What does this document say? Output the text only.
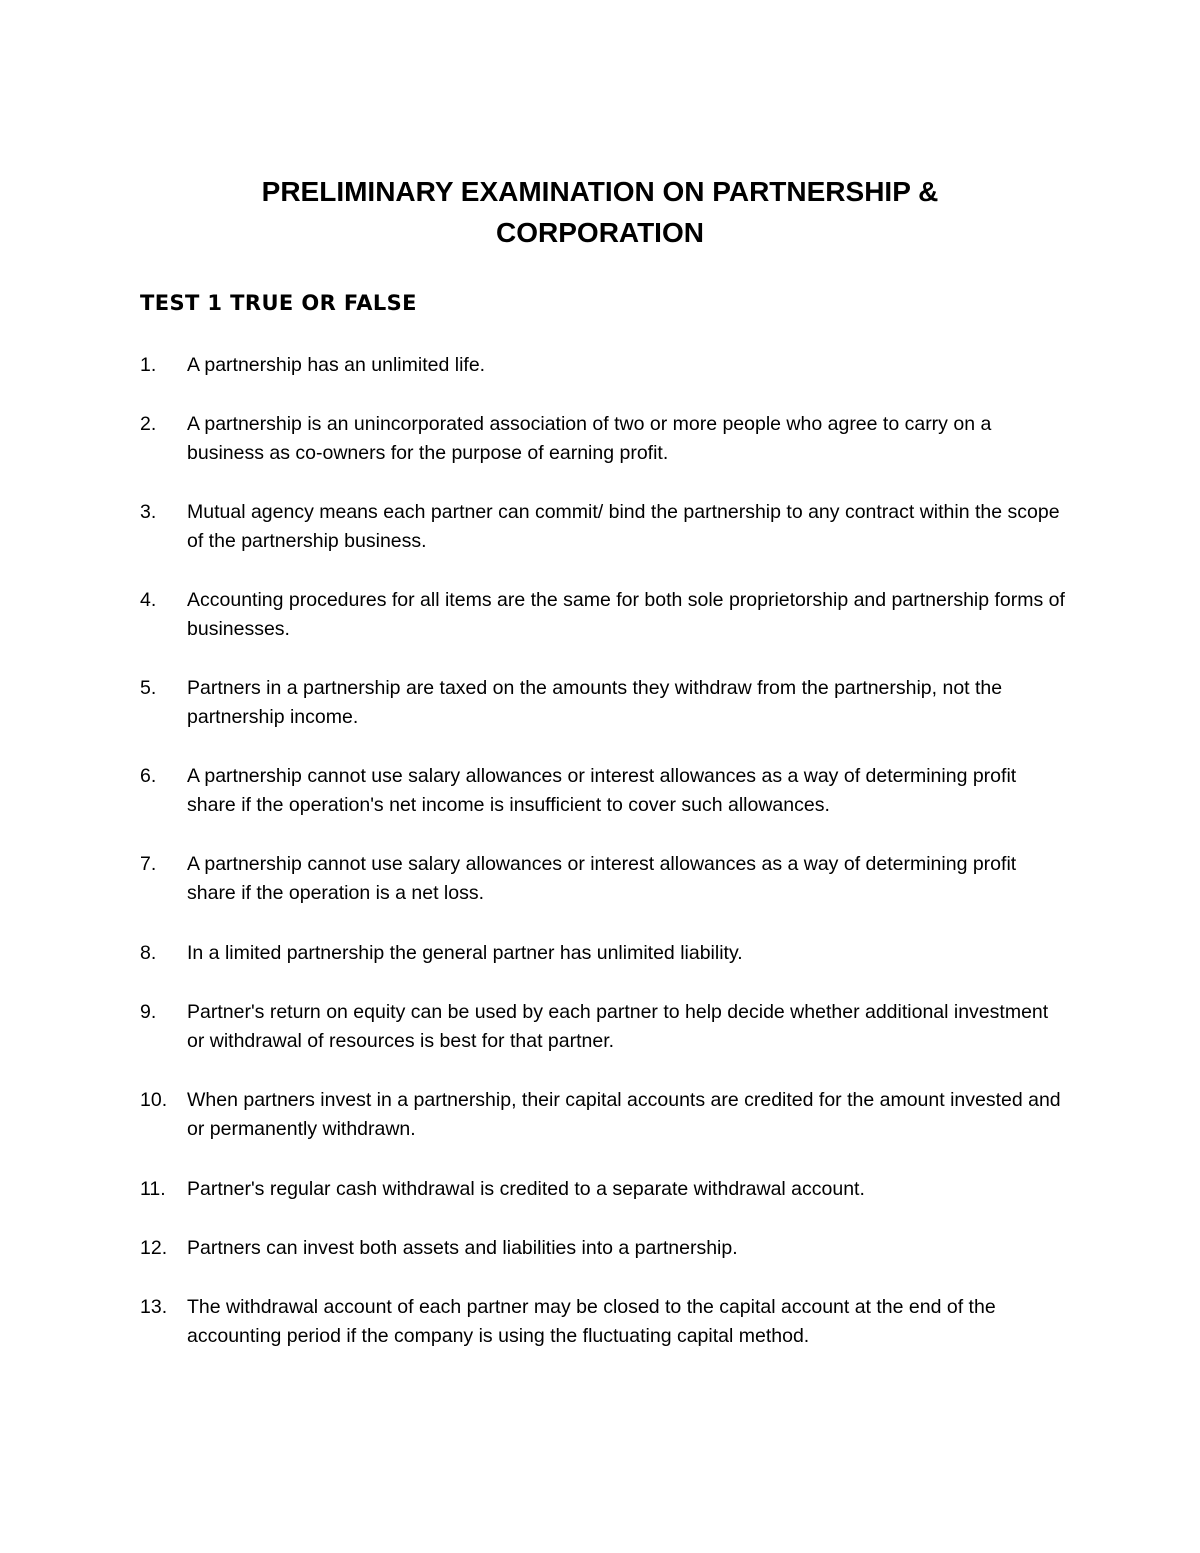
PRELIMINARY EXAMINATION ON PARTNERSHIP &
CORPORATION
TEST 1 TRUE OR FALSE
1.	A partnership has an unlimited life.
2.	A partnership is an unincorporated association of two or more people who agree to carry on a business as co-owners for the purpose of earning profit.
3.	Mutual agency means each partner can commit/ bind the partnership to any contract within the scope of the partnership business.
4.	Accounting procedures for all items are the same for both sole proprietorship and partnership forms of businesses.
5.	Partners in a partnership are taxed on the amounts they withdraw from the partnership, not the partnership income.
6.	A partnership cannot use salary allowances or interest allowances as a way of determining profit share if the operation's net income is insufficient to cover such allowances.
7.	A partnership cannot use salary allowances or interest allowances as a way of determining profit share if the operation is a net loss.
8.	In a limited partnership the general partner has unlimited liability.
9.	Partner's return on equity can be used by each partner to help decide whether additional investment or withdrawal of resources is best for that partner.
10.	When partners invest in a partnership, their capital accounts are credited for the amount invested and or permanently withdrawn.
11.	Partner's regular cash withdrawal is credited to a separate withdrawal account.
12.	Partners can invest both assets and liabilities into a partnership.
13.	The withdrawal account of each partner may be closed to the capital account at the end of the accounting period if the company is using the fluctuating capital method.
